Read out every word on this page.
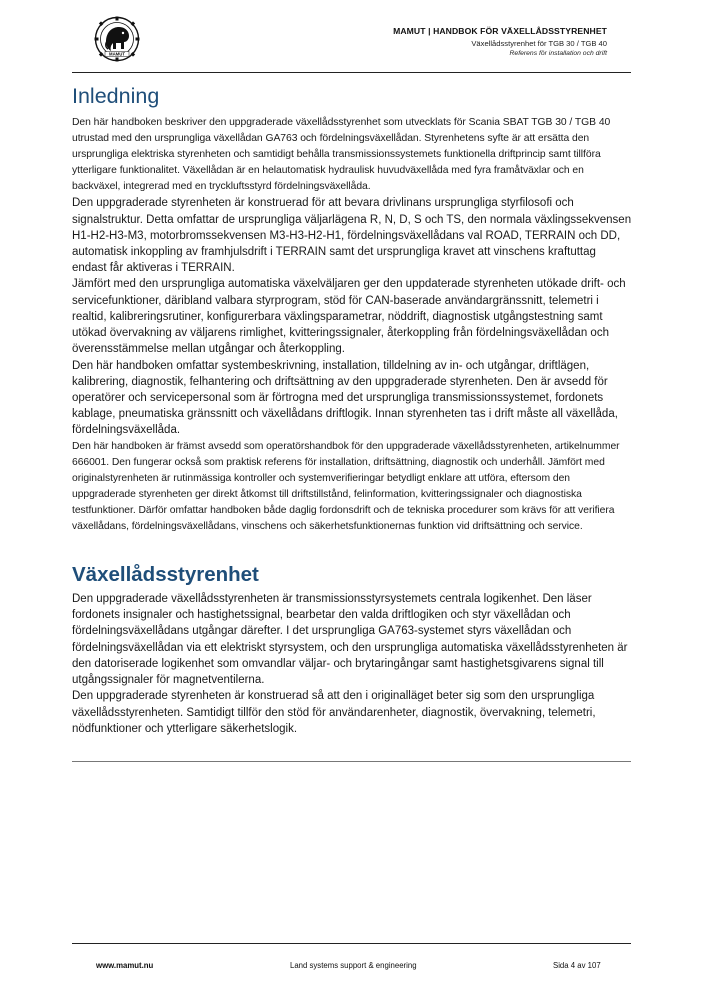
MAMUT
MAMUT | HANDBOK FÖR VÄXELLÅDSSTYRENHET
Växellådsstyrenhet för TGB 30 / TGB 40
Referens för installation och drift
Inledning

Den här handboken beskriver den uppgraderade växellådsstyrenhet som utvecklats för Scania SBAT TGB 30 / TGB 40 utrustad med den ursprungliga växellådan GA763 och fördelningsväxellådan. Styrenhetens syfte är att ersätta den ursprungliga elektriska styrenheten och samtidigt behålla transmissionssystemets funktionella driftprincip samt tillföra ytterligare funktionalitet. Växellådan är en helautomatisk hydraulisk huvudväxellåda med fyra framåtväxlar och en backväxel, integrerad med en tryckluftsstyrd fördelningsväxellåda.

Den uppgraderade styrenheten är konstruerad för att bevara drivlinans ursprungliga styrfilosofi och signalstruktur. Detta omfattar de ursprungliga väljarlägena R, N, D, S och TS, den normala växlingssekvensen H1-H2-H3-M3, motorbromssekvensen M3-H3-H2-H1, fördelningsväxellådans val ROAD, TERRAIN och DD, automatisk inkoppling av framhjulsdrift i TERRAIN samt det ursprungliga kravet att vinschens kraftuttag endast får aktiveras i TERRAIN.

Jämfört med den ursprungliga automatiska växelväljaren ger den uppdaterade styrenheten utökade drift- och servicefunktioner, däribland valbara styrprogram, stöd för CAN-baserade användargränssnitt, telemetri i realtid, kalibreringsrutiner, konfigurerbara växlingsparametrar, nöddrift, diagnostisk utgångstestning samt utökad övervakning av väljarens rimlighet, kvitteringssignaler, återkoppling från fördelningsväxellådan och överensstämmelse mellan utgångar och återkoppling.

Den här handboken omfattar systembeskrivning, installation, tilldelning av in- och utgångar, driftlägen, kalibrering, diagnostik, felhantering och driftsättning av den uppgraderade styrenheten. Den är avsedd för operatörer och servicepersonal som är förtrogna med det ursprungliga transmissionssystemet, fordonets kablage, pneumatiska gränssnitt och växellådans driftlogik. Innan styrenheten tas i drift måste all växellåda, fördelningsväxellåda.

Den här handboken är främst avsedd som operatörshandbok för den uppgraderade växellådsstyrenheten, artikelnummer 666001. Den fungerar också som praktisk referens för installation, driftsättning, diagnostik och underhåll. Jämfört med originalstyrenheten är rutinmässiga kontroller och systemverifieringar betydligt enklare att utföra, eftersom den uppgraderade styrenheten ger direkt åtkomst till driftstillstånd, felinformation, kvitteringssignaler och diagnostiska testfunktioner. Därför omfattar handboken både daglig fordonsdrift och de tekniska procedurer som krävs för att verifiera växellådans, fördelningsväxellådans, vinschens och säkerhetsfunktionernas funktion vid driftsättning och service.

Växellådsstyrenhet

Den uppgraderade växellådsstyrenheten är transmissionsstyrsystemets centrala logikenhet. Den läser fordonets insignaler och hastighetssignal, bearbetar den valda driftlogiken och styr växellådan och fördelningsväxellådans utgångar därefter. I det ursprungliga GA763-systemet styrs växellådan och fördelningsväxellådan via ett elektriskt styrsystem, och den ursprungliga automatiska växellådsstyrenheten är den datoriserade logikenhet som omvandlar väljar- och brytaringångar samt hastighetsgivarens signal till utgångssignaler för magnetventilerna.

Den uppgraderade styrenheten är konstruerad så att den i originalläget beter sig som den ursprungliga växellådsstyrenheten. Samtidigt tillför den stöd för användarenheter, diagnostik, övervakning, telemetri, nödfunktioner och ytterligare säkerhetslogik.

www.mamut.nu	Land systems support & engineering	Sida 4 av 107
